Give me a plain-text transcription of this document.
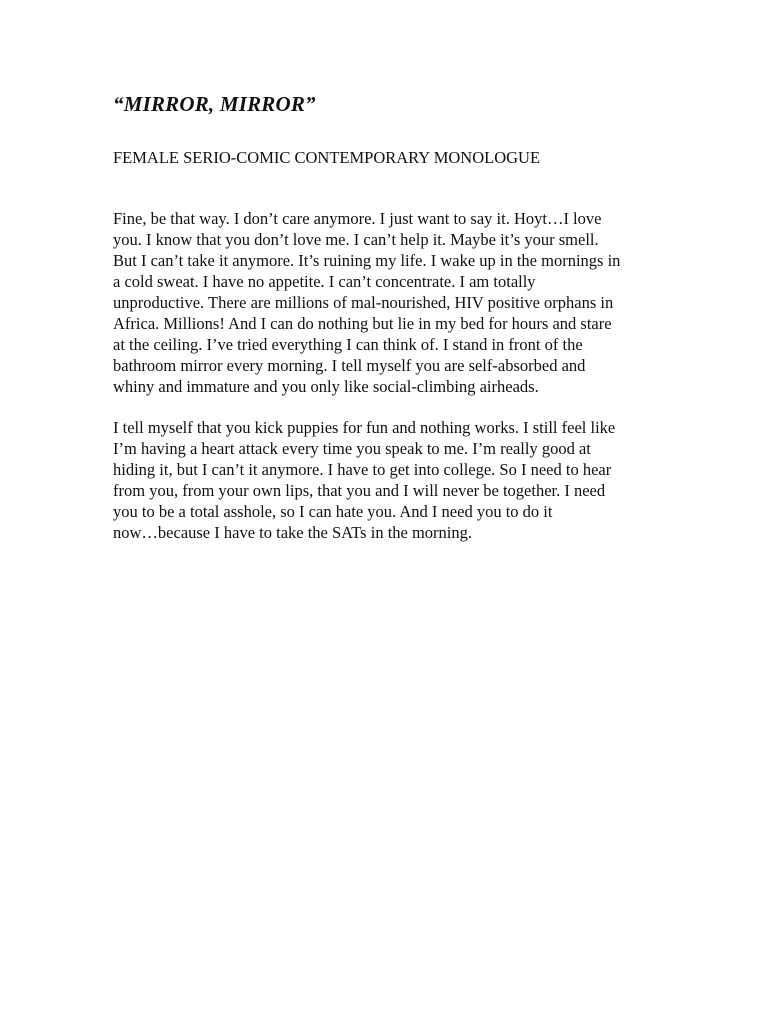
“MIRROR, MIRROR”
FEMALE SERIO-COMIC CONTEMPORARY MONOLOGUE

Fine, be that way. I don’t care anymore. I just want to say it. Hoyt…I love
you. I know that you don’t love me. I can’t help it. Maybe it’s your smell.
But I can’t take it anymore. It’s ruining my life. I wake up in the mornings in
a cold sweat. I have no appetite. I can’t concentrate. I am totally
unproductive. There are millions of mal-nourished, HIV positive orphans in
Africa. Millions! And I can do nothing but lie in my bed for hours and stare
at the ceiling. I’ve tried everything I can think of. I stand in front of the
bathroom mirror every morning. I tell myself you are self-absorbed and
whiny and immature and you only like social-climbing airheads.

I tell myself that you kick puppies for fun and nothing works. I still feel like
I’m having a heart attack every time you speak to me. I’m really good at
hiding it, but I can’t it anymore. I have to get into college. So I need to hear
from you, from your own lips, that you and I will never be together. I need
you to be a total asshole, so I can hate you. And I need you to do it
now…because I have to take the SATs in the morning.
